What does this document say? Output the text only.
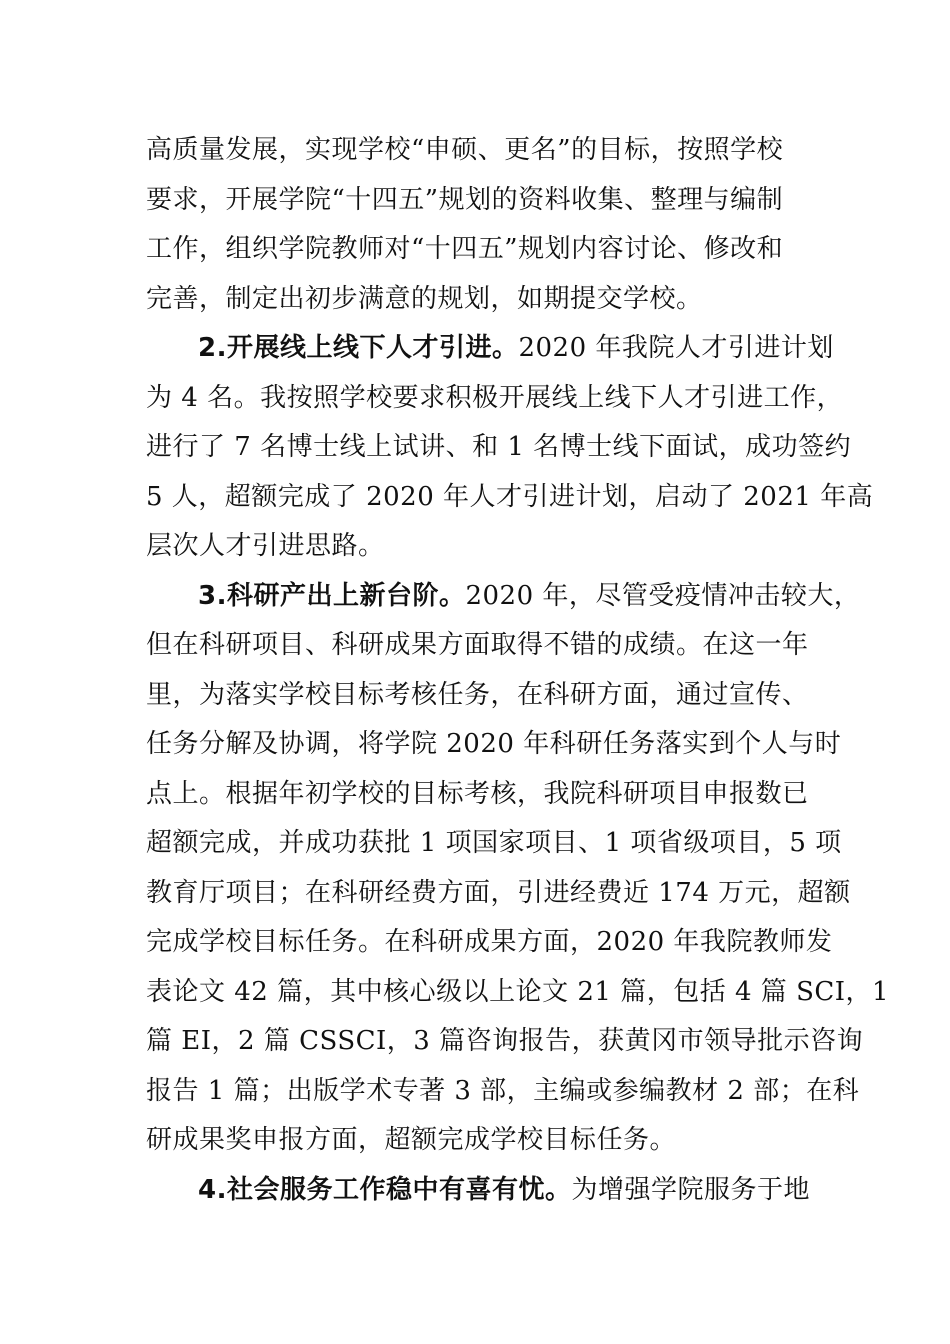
高质量发展，实现学校“申硕、更名”的目标，按照学校
要求，开展学院“十四五”规划的资料收集、整理与编制
工作，组织学院教师对“十四五”规划内容讨论、修改和
完善，制定出初步满意的规划，如期提交学校。
2.开展线上线下人才引进。2020 年我院人才引进计划
为 4 名。我按照学校要求积极开展线上线下人才引进工作，
进行了 7 名博士线上试讲、和 1 名博士线下面试，成功签约
5 人，超额完成了 2020 年人才引进计划，启动了 2021 年高
层次人才引进思路。
3.科研产出上新台阶。2020 年，尽管受疫情冲击较大，
但在科研项目、科研成果方面取得不错的成绩。在这一年
里，为落实学校目标考核任务，在科研方面，通过宣传、
任务分解及协调，将学院 2020 年科研任务落实到个人与时
点上。根据年初学校的目标考核，我院科研项目申报数已
超额完成，并成功获批 1 项国家项目、1 项省级项目，5 项
教育厅项目；在科研经费方面，引进经费近 174 万元，超额
完成学校目标任务。在科研成果方面，2020 年我院教师发
表论文 42 篇，其中核心级以上论文 21 篇，包括 4 篇 SCI，1
篇 EI，2 篇 CSSCI，3 篇咨询报告，获黄冈市领导批示咨询
报告 1 篇；出版学术专著 3 部，主编或参编教材 2 部；在科
研成果奖申报方面，超额完成学校目标任务。
4.社会服务工作稳中有喜有忧。为增强学院服务于地
